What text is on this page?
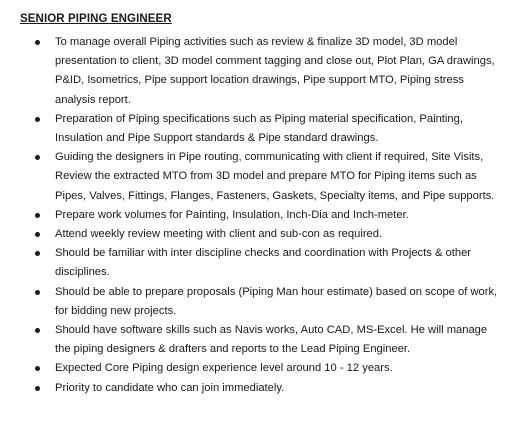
SENIOR PIPING ENGINEER
To manage overall Piping activities such as review & finalize 3D model, 3D model presentation to client, 3D model comment tagging and close out, Plot Plan, GA drawings, P&ID, Isometrics, Pipe support location drawings, Pipe support MTO, Piping stress analysis report.
Preparation of Piping specifications such as Piping material specification, Painting, Insulation and Pipe Support standards & Pipe standard drawings.
Guiding the designers in Pipe routing, communicating with client if required, Site Visits, Review the extracted MTO from 3D model and prepare MTO for Piping items such as Pipes, Valves, Fittings, Flanges, Fasteners, Gaskets, Specialty items, and Pipe supports.
Prepare work volumes for Painting, Insulation, Inch-Dia and Inch-meter.
Attend weekly review meeting with client and sub-con as required.
Should be familiar with inter discipline checks and coordination with Projects & other disciplines.
Should be able to prepare proposals (Piping Man hour estimate) based on scope of work, for bidding new projects.
Should have software skills such as Navis works, Auto CAD, MS-Excel. He will manage the piping designers & drafters and reports to the Lead Piping Engineer.
Expected Core Piping design experience level around 10 - 12 years.
Priority to candidate who can join immediately.
